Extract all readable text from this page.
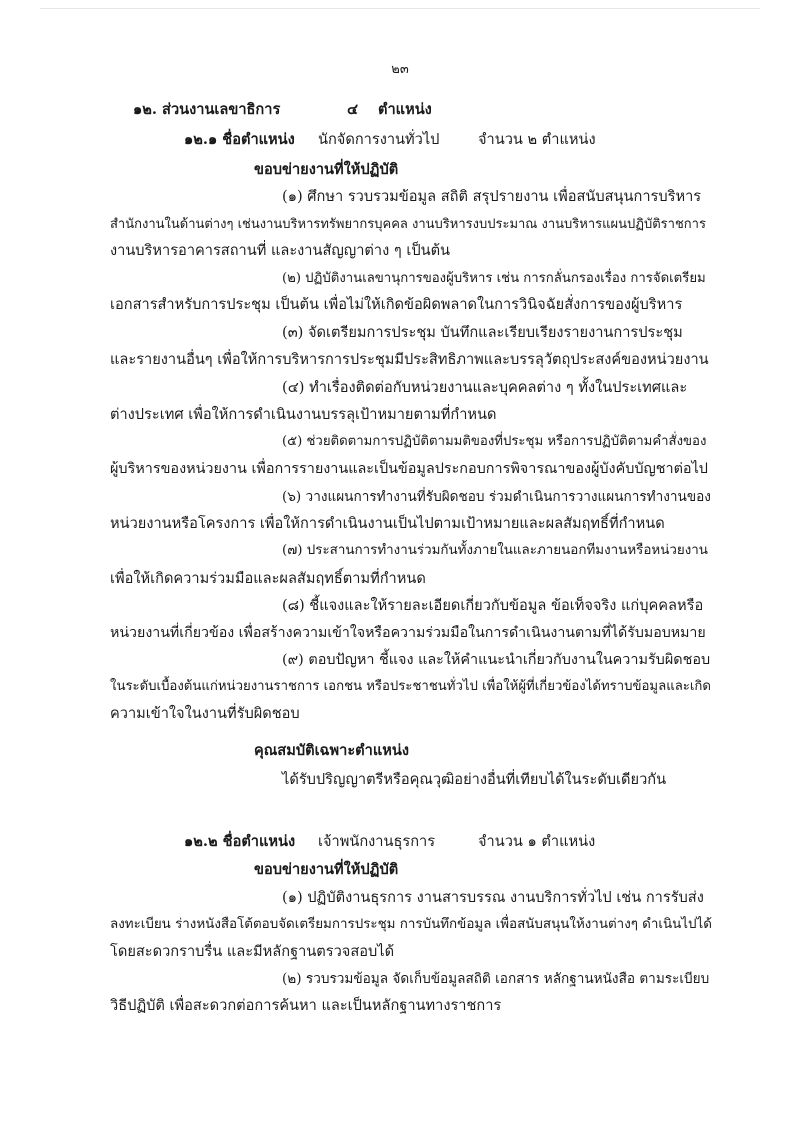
๒๓
๑๒. ส่วนงานเลขาธิการ	๔ ตำแหน่ง
๑๒.๑ ชื่อตำแหน่ง นักจัดการงานทั่วไป	จำนวน ๒ ตำแหน่ง
ขอบข่ายงานที่ให้ปฏิบัติ
(๑) ศึกษา รวบรวมข้อมูล สถิติ สรุปรายงาน เพื่อสนับสนุนการบริหาร
สำนักงานในด้านต่างๆ เช่นงานบริหารทรัพยากรบุคคล งานบริหารงบประมาณ งานบริหารแผนปฏิบัติราชการ
งานบริหารอาคารสถานที่ และงานสัญญาต่าง ๆ เป็นต้น
(๒) ปฏิบัติงานเลขานุการของผู้บริหาร เช่น การกลั่นกรองเรื่อง การจัดเตรียม
เอกสารสำหรับการประชุม เป็นต้น เพื่อไม่ให้เกิดข้อผิดพลาดในการวินิจฉัยสั่งการของผู้บริหาร
(๓) จัดเตรียมการประชุม บันทึกและเรียบเรียงรายงานการประชุม
และรายงานอื่นๆ เพื่อให้การบริหารการประชุมมีประสิทธิภาพและบรรลุวัตถุประสงค์ของหน่วยงาน
(๔) ทำเรื่องติดต่อกับหน่วยงานและบุคคลต่าง ๆ ทั้งในประเทศและ
ต่างประเทศ เพื่อให้การดำเนินงานบรรลุเป้าหมายตามที่กำหนด
(๕) ช่วยติดตามการปฏิบัติตามมติของที่ประชุม หรือการปฏิบัติตามคำสั่งของ
ผู้บริหารของหน่วยงาน เพื่อการรายงานและเป็นข้อมูลประกอบการพิจารณาของผู้บังคับบัญชาต่อไป
(๖) วางแผนการทำงานที่รับผิดชอบ ร่วมดำเนินการวางแผนการทำงานของ
หน่วยงานหรือโครงการ เพื่อให้การดำเนินงานเป็นไปตามเป้าหมายและผลสัมฤทธิ์ที่กำหนด
(๗) ประสานการทำงานร่วมกันทั้งภายในและภายนอกทีมงานหรือหน่วยงาน
เพื่อให้เกิดความร่วมมือและผลสัมฤทธิ์ตามที่กำหนด
(๘) ชี้แจงและให้รายละเอียดเกี่ยวกับข้อมูล ข้อเท็จจริง แก่บุคคลหรือ
หน่วยงานที่เกี่ยวข้อง เพื่อสร้างความเข้าใจหรือความร่วมมือในการดำเนินงานตามที่ได้รับมอบหมาย
(๙) ตอบปัญหา ชี้แจง และให้คำแนะนำเกี่ยวกับงานในความรับผิดชอบ
ในระดับเบื้องต้นแก่หน่วยงานราชการ เอกชน หรือประชาชนทั่วไป เพื่อให้ผู้ที่เกี่ยวข้องได้ทราบข้อมูลและเกิด
ความเข้าใจในงานที่รับผิดชอบ
คุณสมบัติเฉพาะตำแหน่ง
ได้รับปริญญาตรีหรือคุณวุฒิอย่างอื่นที่เทียบได้ในระดับเดียวกัน
๑๒.๒ ชื่อตำแหน่ง เจ้าพนักงานธุรการ	จำนวน ๑ ตำแหน่ง
ขอบข่ายงานที่ให้ปฏิบัติ
(๑) ปฏิบัติงานธุรการ งานสารบรรณ งานบริการทั่วไป เช่น การรับส่ง
ลงทะเบียน ร่างหนังสือโต้ตอบจัดเตรียมการประชุม การบันทึกข้อมูล เพื่อสนับสนุนให้งานต่างๆ ดำเนินไปได้
โดยสะดวกราบรื่น และมีหลักฐานตรวจสอบได้
(๒) รวบรวมข้อมูล จัดเก็บข้อมูลสถิติ เอกสาร หลักฐานหนังสือ ตามระเบียบ
วิธีปฏิบัติ เพื่อสะดวกต่อการค้นหา และเป็นหลักฐานทางราชการ
